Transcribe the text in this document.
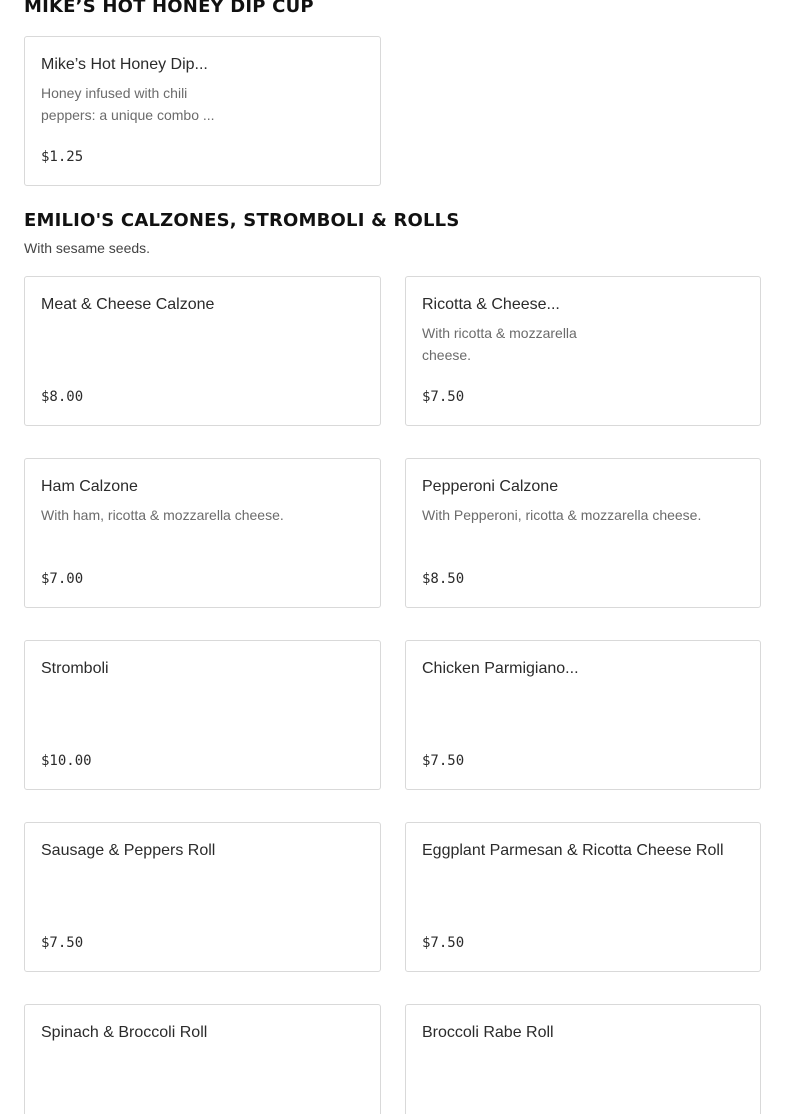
MIKE’S HOT HONEY DIP CUP
Mike’s Hot Honey Dip...
Honey infused with chili peppers: a unique combo ...
$1.25
EMILIO'S CALZONES, STROMBOLI & ROLLS

With sesame seeds.

Meat & Cheese Calzone
$8.00
Ricotta & Cheese...
With ricotta & mozzarella cheese.
$7.50
Ham Calzone
With ham, ricotta & mozzarella cheese.
$7.00
Pepperoni Calzone
With Pepperoni, ricotta & mozzarella cheese.
$8.50
Stromboli
$10.00
Chicken Parmigiano...
$7.50
Sausage & Peppers Roll
$7.50
Eggplant Parmesan & Ricotta Cheese Roll
$7.50
Spinach & Broccoli Roll	Broccoli Rabe Roll
